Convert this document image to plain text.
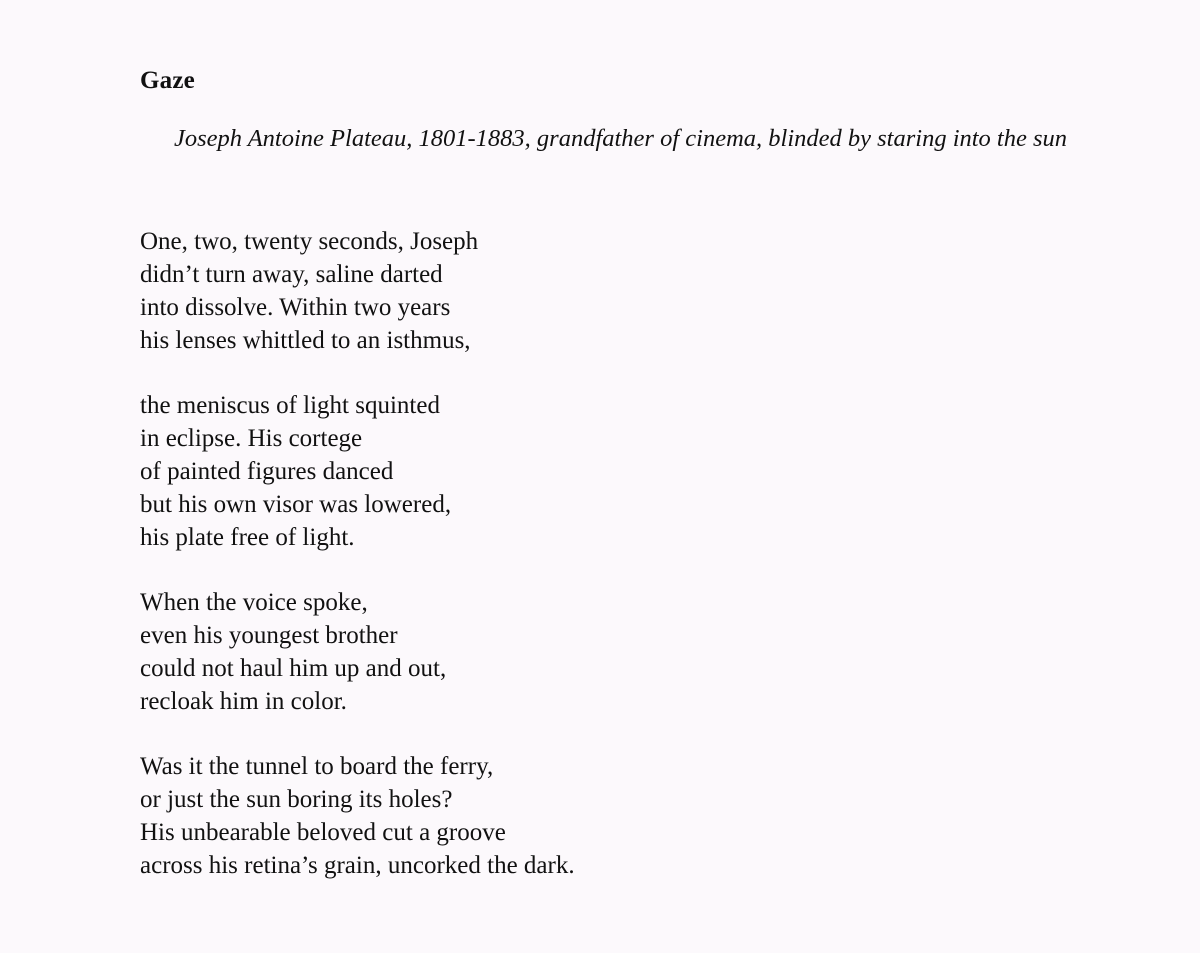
Gaze

Joseph Antoine Plateau, 1801-1883, grandfather of cinema, blinded by staring into the sun

One, two, twenty seconds, Joseph
didn’t turn away, saline darted
into dissolve. Within two years
his lenses whittled to an isthmus,
the meniscus of light squinted
in eclipse. His cortege
of painted figures danced
but his own visor was lowered,
his plate free of light.
When the voice spoke,
even his youngest brother
could not haul him up and out,
recloak him in color.
Was it the tunnel to board the ferry,
or just the sun boring its holes?
His unbearable beloved cut a groove
across his retina’s grain, uncorked the dark.
